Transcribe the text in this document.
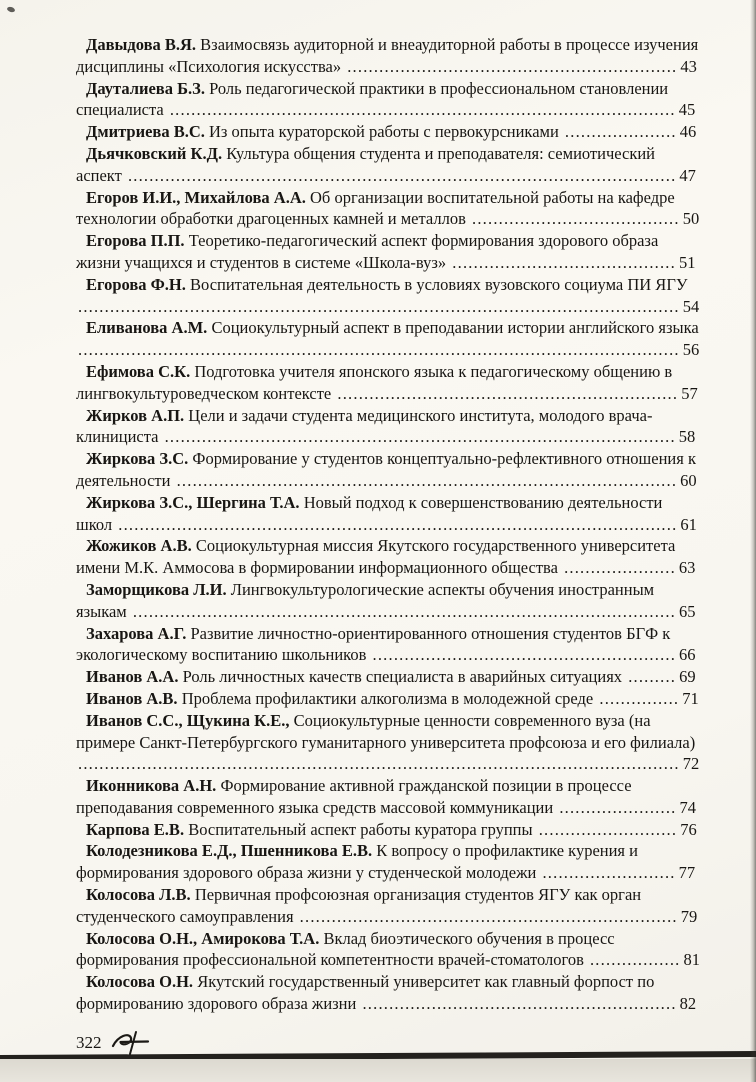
Давыдова В.Я. Взаимосвязь аудиторной и внеаудиторной работы в процессе изучения дисциплины «Психология искусства» .............................................................. 43

Дауталиева Б.З. Роль педагогической практики в профессиональном становлении специалиста ............................................................................................... 45

Дмитриева В.С. Из опыта кураторской работы с первокурсниками ..................... 46

Дьячковский К.Д. Культура общения студента и преподавателя: семиотический аспект ....................................................................................................... 47

Егоров И.И., Михайлова А.А. Об организации воспитательной работы на кафедре технологии обработки драгоценных камней и металлов ....................................... 50

Егорова П.П. Теоретико-педагогический аспект формирования здорового образа жизни учащихся и студентов в системе «Школа-вуз» .......................................... 51

Егорова Ф.Н. Воспитательная деятельность в условиях вузовского социума ПИ ЯГУ ................................................................................................................. 54

Еливанова А.М. Социокультурный аспект в преподавании истории английского языка ................................................................................................................. 56

Ефимова С.К. Подготовка учителя японского языка к педагогическому общению в лингвокультуроведческом контексте ................................................................ 57

Жирков А.П. Цели и задачи студента медицинского института, молодого врача-клинициста ................................................................................................ 58

Жиркова З.С. Формирование у студентов концептуально-рефлективного отношения к деятельности .............................................................................................. 60

Жиркова З.С., Шергина Т.А. Новый подход к совершенствованию деятельности школ ......................................................................................................... 61

Жожиков А.В. Социокультурная миссия Якутского государственного университета имени М.К. Аммосова в формировании информационного общества ..................... 63

Заморщикова Л.И. Лингвокультурологические аспекты обучения иностранным языкам ...................................................................................................... 65

Захарова А.Г. Развитие личностно-ориентированного отношения студентов БГФ к экологическому воспитанию школьников ......................................................... 66

Иванов А.А. Роль личностных качеств специалиста в аварийных ситуациях ......... 69

Иванов А.В. Проблема профилактики алкоголизма в молодежной среде ............... 71

Иванов С.С., Щукина К.Е., Социокультурные ценности современного вуза (на примере Санкт-Петербургского гуманитарного университета профсоюза и его филиала) ................................................................................................................. 72

Иконникова А.Н. Формирование активной гражданской позиции в процессе преподавания современного языка средств массовой коммуникации ...................... 74

Карпова Е.В. Воспитательный аспект работы куратора группы .......................... 76

Колодезникова Е.Д., Пшенникова Е.В. К вопросу о профилактике курения и формирования здорового образа жизни у студенческой молодежи ......................... 77

Колосова Л.В. Первичная профсоюзная организация студентов ЯГУ как орган студенческого самоуправления ....................................................................... 79

Колосова О.Н., Амирокова Т.А. Вклад биоэтического обучения в процесс формирования профессиональной компетентности врачей-стоматологов ................. 81

Колосова О.Н. Якутский государственный университет как главный форпост по формированию здорового образа жизни ........................................................... 82

322
